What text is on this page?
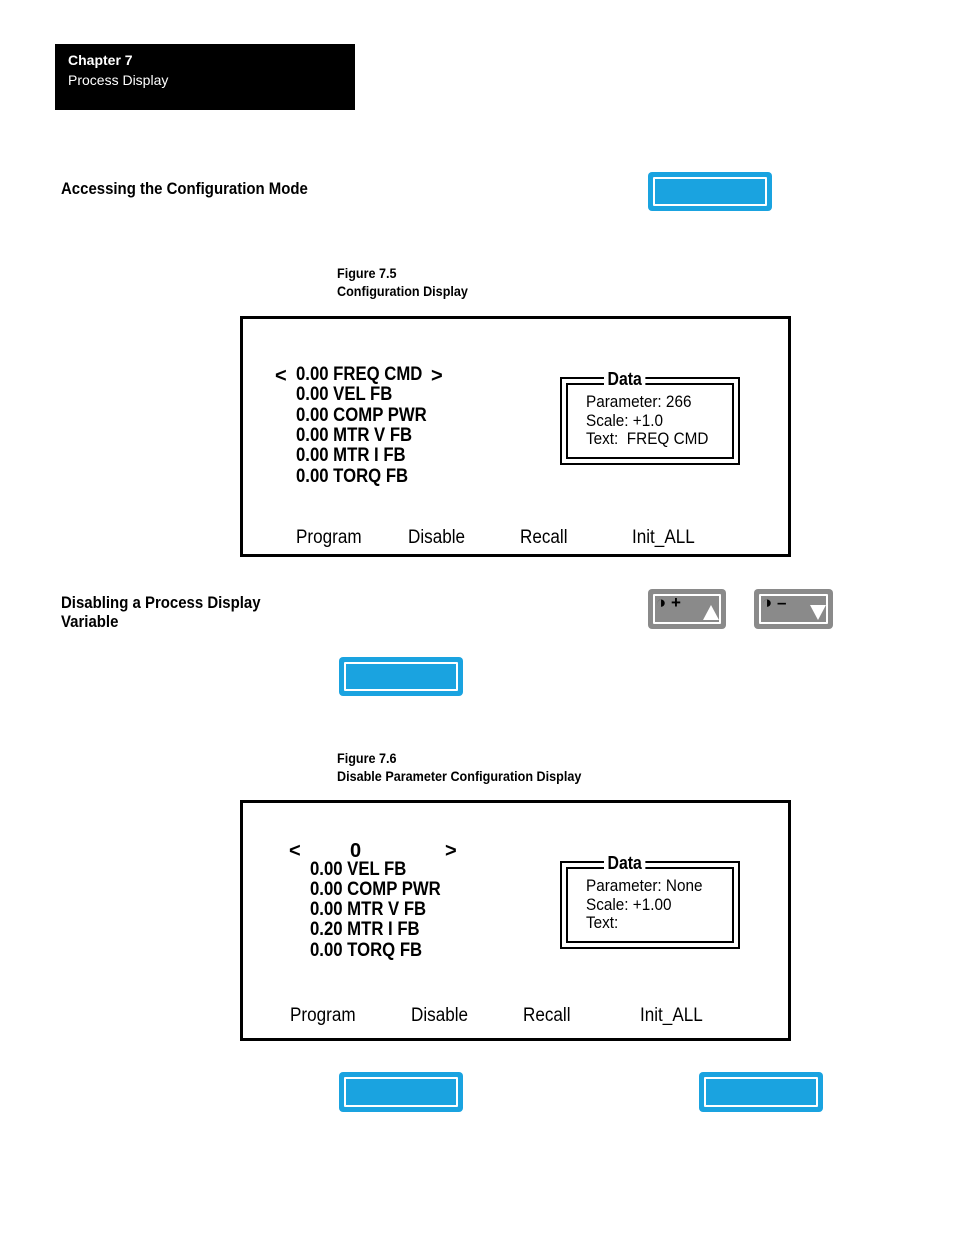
Chapter 7
Process Display
Accessing the Configuration Mode
Figure 7.5
Configuration Display
<	>
0.00 FREQ CMD
0.00 VEL FB
0.00 COMP PWR
0.00 MTR V FB
0.00 MTR I FB
0.00 TORQ FB
Data
Parameter: 266
Scale: +1.0
Text:  FREQ CMD
Program Disable	Recall	Init_ALL
Disabling a Process Display
Variable
◑ +	◑ –
Figure 7.6
Disable Parameter Configuration Display
< 0	>
0.00 VEL FB
0.00 COMP PWR
0.00 MTR V FB
0.20 MTR I FB
0.00 TORQ FB
Data
Parameter: None
Scale: +1.00
Text:
Program	Disable	Recall	Init_ALL
